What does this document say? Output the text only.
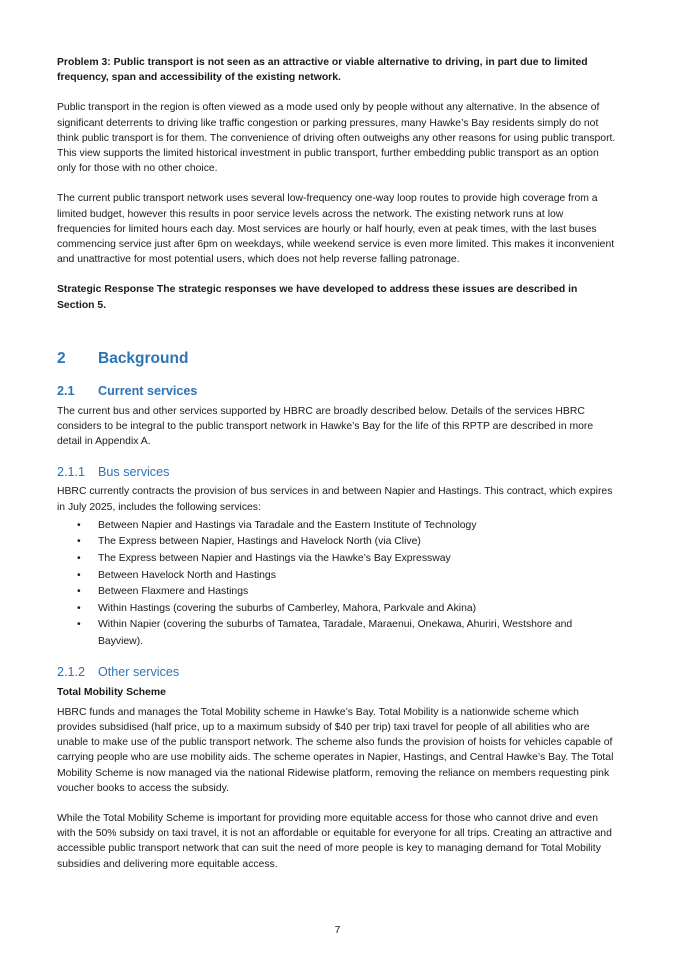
Problem 3: Public transport is not seen as an attractive or viable alternative to driving, in part due to limited frequency, span and accessibility of the existing network.

Public transport in the region is often viewed as a mode used only by people without any alternative. In the absence of significant deterrents to driving like traffic congestion or parking pressures, many Hawke’s Bay residents simply do not think public transport is for them. The convenience of driving often outweighs any other reasons for using public transport. This view supports the limited historical investment in public transport, further embedding public transport as an option only for those with no other choice.

The current public transport network uses several low-frequency one-way loop routes to provide high coverage from a limited budget, however this results in poor service levels across the network. The existing network runs at low frequencies for limited hours each day. Most services are hourly or half hourly, even at peak times, with the last buses commencing service just after 6pm on weekdays, while weekend service is even more limited. This makes it inconvenient and unattractive for most potential users, which does not help reverse falling patronage.

Strategic Response The strategic responses we have developed to address these issues are described in Section 5.

2	Background
2.1	Current services

The current bus and other services supported by HBRC are broadly described below. Details of the services HBRC considers to be integral to the public transport network in Hawke’s Bay for the life of this RPTP are described in more detail in Appendix A.

2.1.1	Bus services

HBRC currently contracts the provision of bus services in and between Napier and Hastings. This contract, which expires in July 2025, includes the following services:

• Between Napier and Hastings via Taradale and the Eastern Institute of Technology
• The Express between Napier, Hastings and Havelock North (via Clive)
• The Express between Napier and Hastings via the Hawke’s Bay Expressway
• Between Havelock North and Hastings
• Between Flaxmere and Hastings
• Within Hastings (covering the suburbs of Camberley, Mahora, Parkvale and Akina)
• Within Napier (covering the suburbs of Tamatea, Taradale, Maraenui, Onekawa, Ahuriri, Westshore and Bayview).
2.1.2	Other services

Total Mobility Scheme

HBRC funds and manages the Total Mobility scheme in Hawke’s Bay. Total Mobility is a nationwide scheme which provides subsidised (half price, up to a maximum subsidy of $40 per trip) taxi travel for people of all abilities who are unable to make use of the public transport network. The scheme also funds the provision of hoists for vehicles capable of carrying people who are use mobility aids. The scheme operates in Napier, Hastings, and Central Hawke’s Bay. The Total Mobility Scheme is now managed via the national Ridewise platform, removing the reliance on members requesting pink voucher books to access the subsidy.

While the Total Mobility Scheme is important for providing more equitable access for those who cannot drive and even with the 50% subsidy on taxi travel, it is not an affordable or equitable for everyone for all trips. Creating an attractive and accessible public transport network that can suit the need of more people is key to managing demand for Total Mobility subsidies and delivering more equitable access.

7
